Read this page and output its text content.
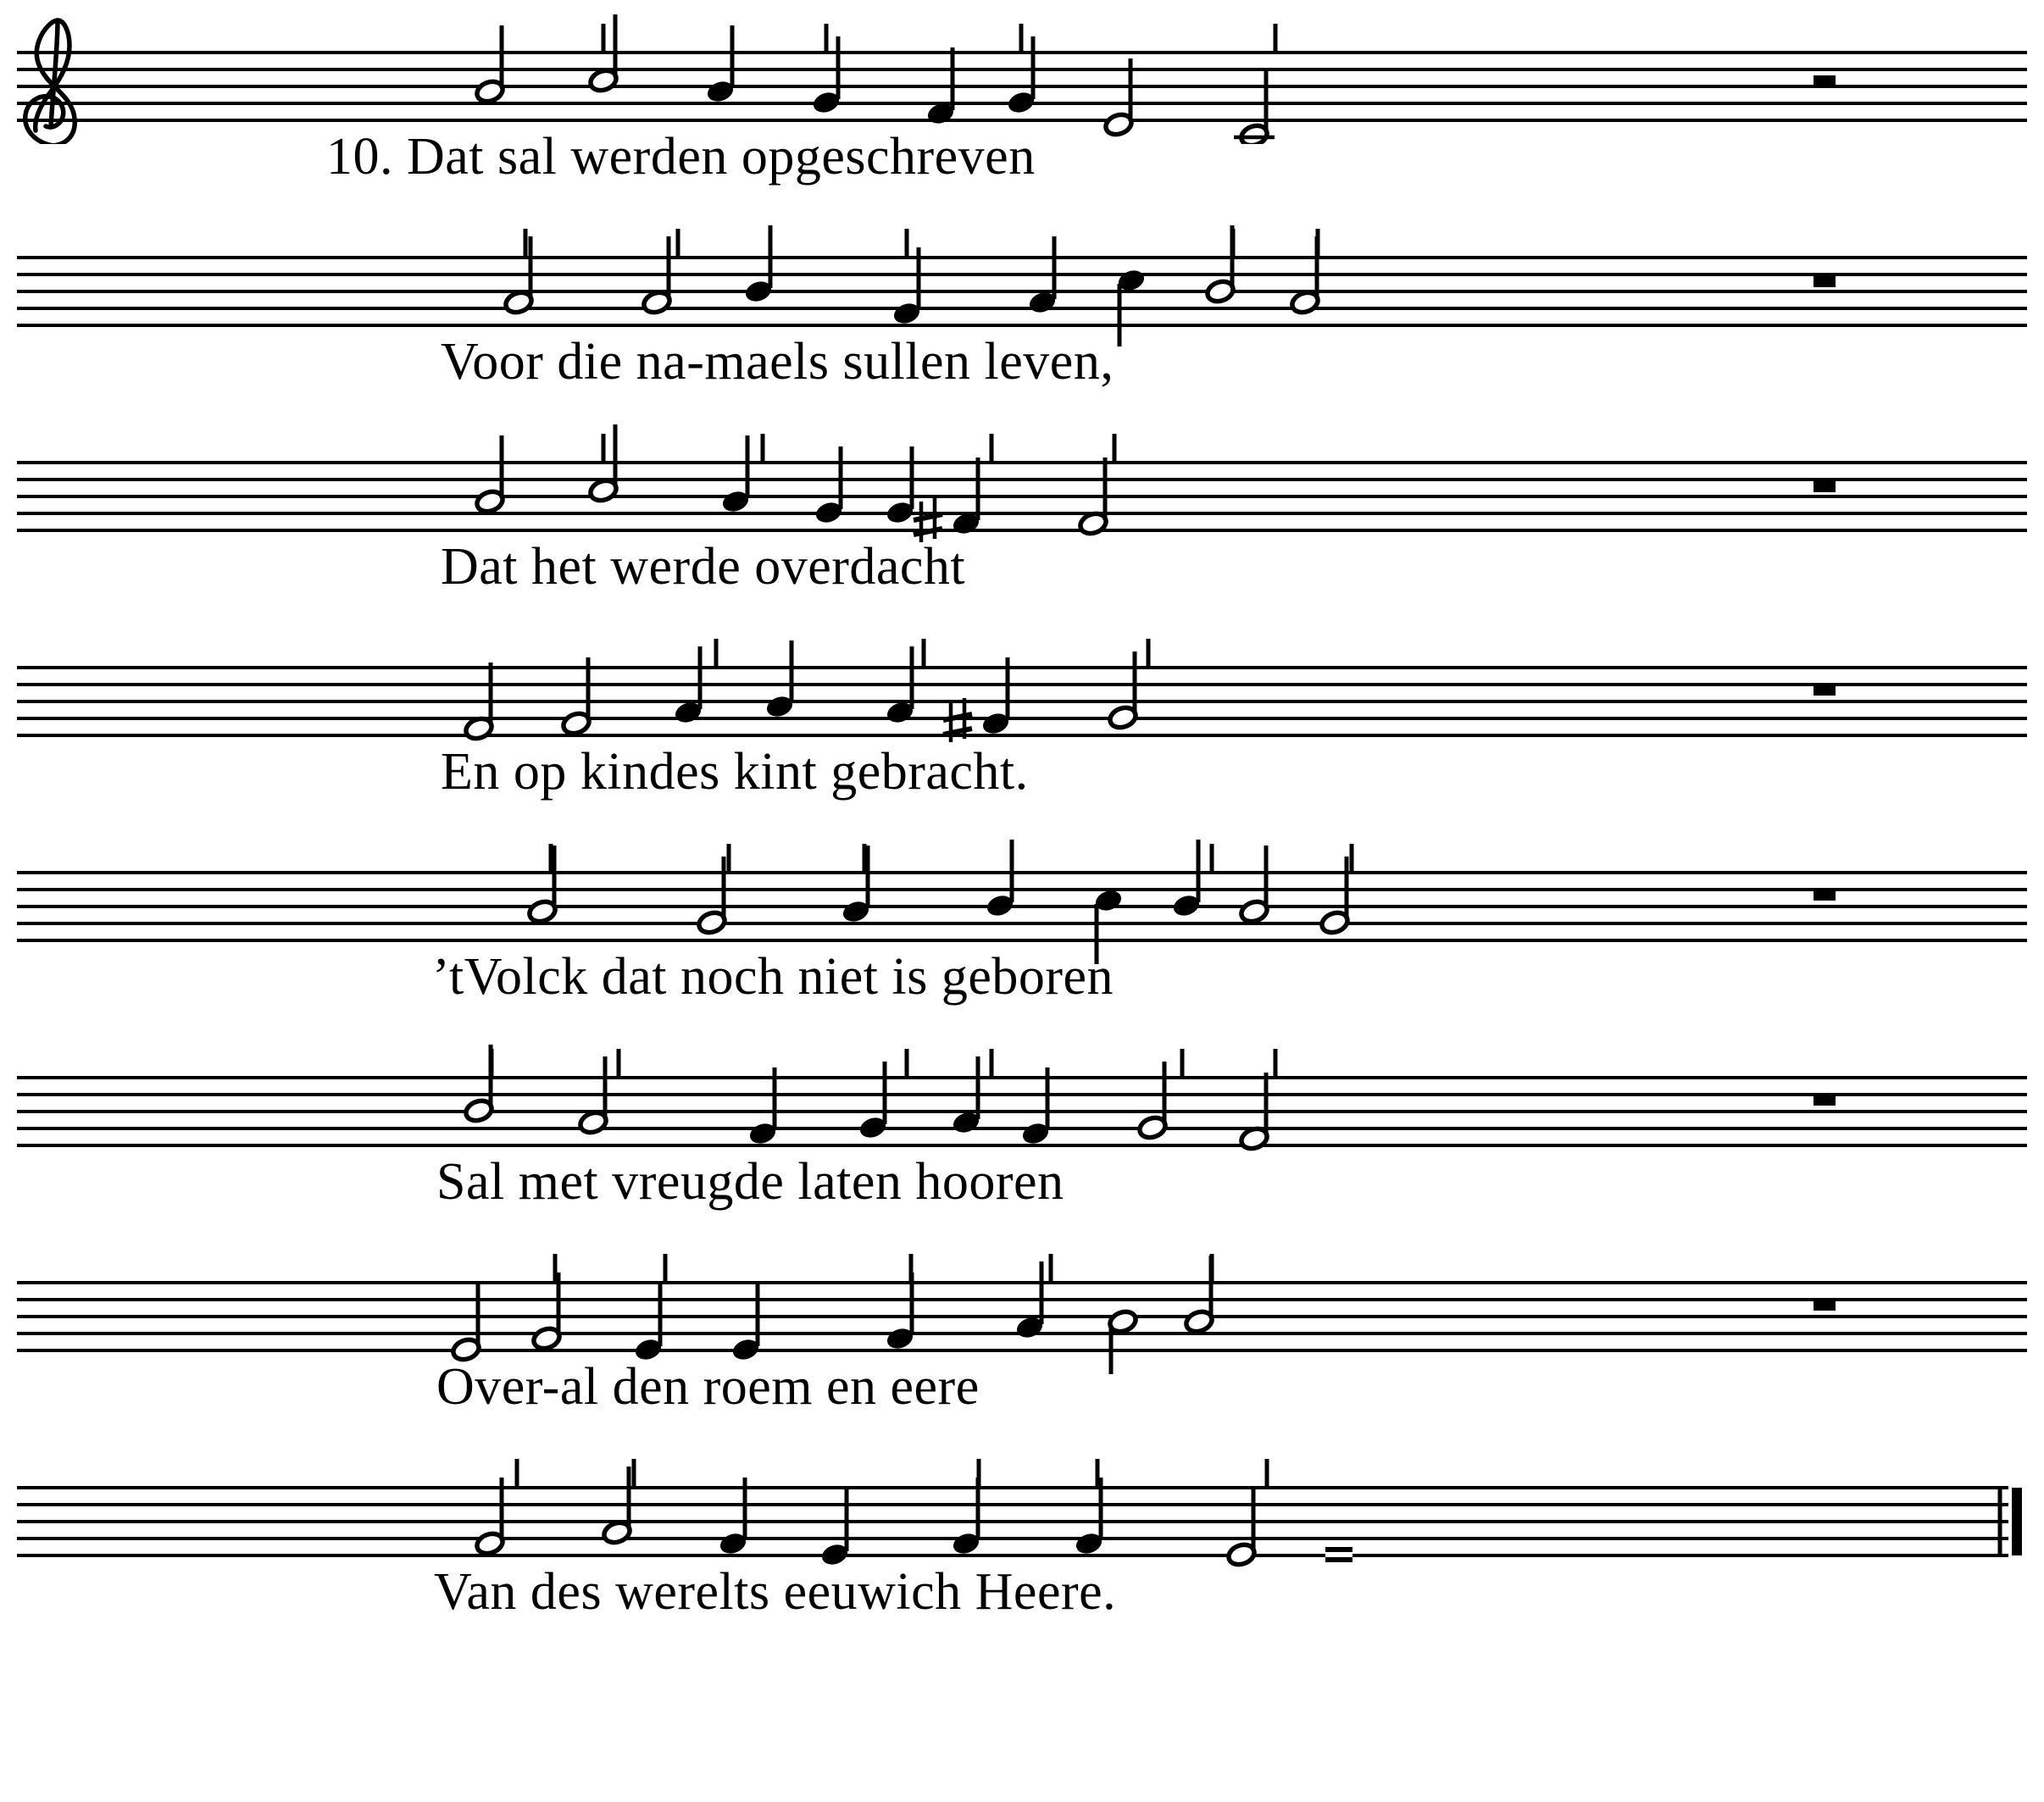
10. Dat sal werden opgeschreven
Voor die na-maels sullen leven,
Dat het werde overdacht
En op kindes kint gebracht.
’tVolck dat noch niet is geboren
Sal met vreugde laten hooren
Over-al den roem en eere
Van des werelts eeuwich Heere.
